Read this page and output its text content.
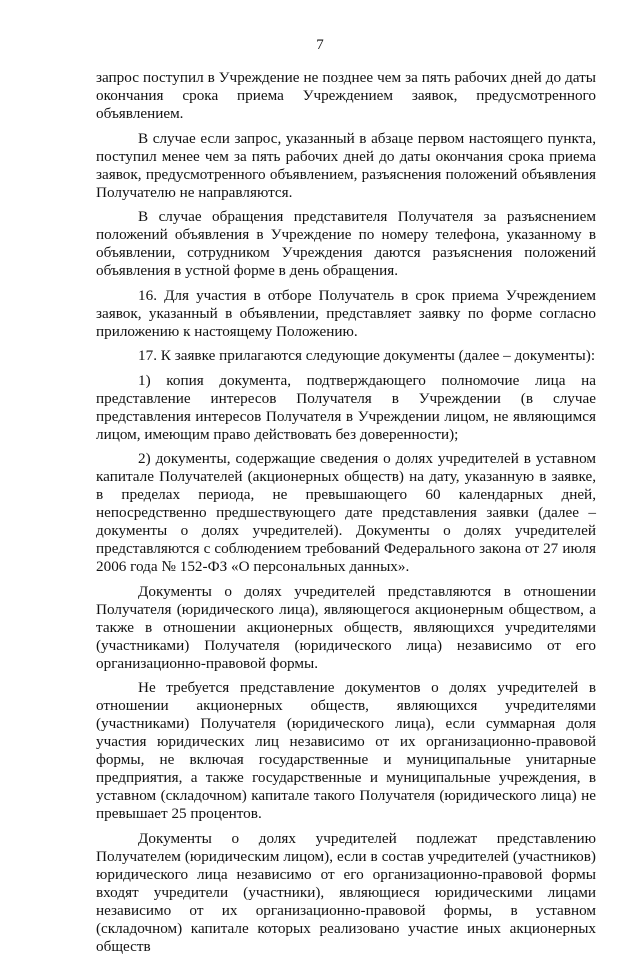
7

запрос поступил в Учреждение не позднее чем за пять рабочих дней до даты окончания срока приема Учреждением заявок, предусмотренного объявлением.

В случае если запрос, указанный в абзаце первом настоящего пункта, поступил менее чем за пять рабочих дней до даты окончания срока приема заявок, предусмотренного объявлением, разъяснения положений объявления Получателю не направляются.

В случае обращения представителя Получателя за разъяснением положений объявления в Учреждение по номеру телефона, указанному в объявлении, сотрудником Учреждения даются разъяснения положений объявления в устной форме в день обращения.

16. Для участия в отборе Получатель в срок приема Учреждением заявок, указанный в объявлении, представляет заявку по форме согласно приложению к настоящему Положению.

17. К заявке прилагаются следующие документы (далее – документы):

1) копия документа, подтверждающего полномочие лица на представление интересов Получателя в Учреждении (в случае представления интересов Получателя в Учреждении лицом, не являющимся лицом, имеющим право действовать без доверенности);

2) документы, содержащие сведения о долях учредителей в уставном капитале Получателей (акционерных обществ) на дату, указанную в заявке, в пределах периода, не превышающего 60 календарных дней, непосредственно предшествующего дате представления заявки (далее – документы о долях учредителей). Документы о долях учредителей представляются с соблюдением требований Федерального закона от 27 июля 2006 года № 152-ФЗ «О персональных данных».

Документы о долях учредителей представляются в отношении Получателя (юридического лица), являющегося акционерным обществом, а также в отношении акционерных обществ, являющихся учредителями (участниками) Получателя (юридического лица) независимо от его организационно-правовой формы.

Не требуется представление документов о долях учредителей в отношении акционерных обществ, являющихся учредителями (участниками) Получателя (юридического лица), если суммарная доля участия юридических лиц независимо от их организационно-правовой формы, не включая государственные и муниципальные унитарные предприятия, а также государственные и муниципальные учреждения, в уставном (складочном) капитале такого Получателя (юридического лица) не превышает 25 процентов.

Документы о долях учредителей подлежат представлению Получателем (юридическим лицом), если в состав учредителей (участников) юридического лица независимо от его организационно-правовой формы входят учредители (участники), являющиеся юридическими лицами независимо от их организационно-правовой формы, в уставном (складочном) капитале которых реализовано участие иных акционерных обществ
